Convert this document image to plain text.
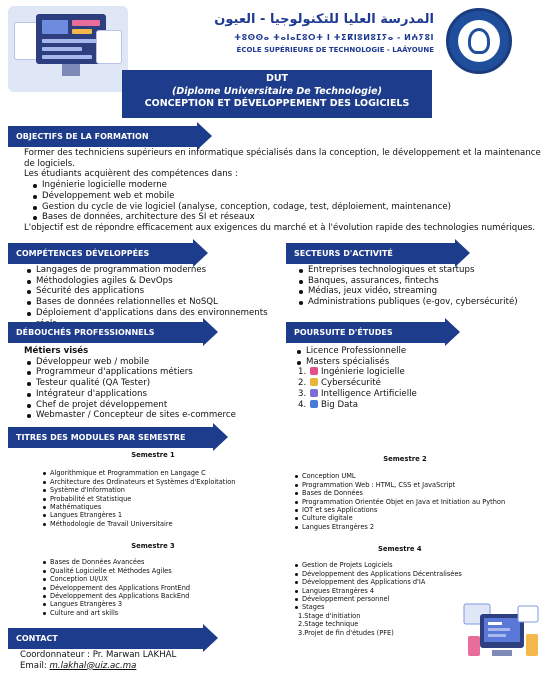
المدرسة العليا للتكنولوجيا - العيون
ⵜⵓⵙⵙⴰ ⵜⴰⵏⴰⵎⵓⵔⵜ ⵏ ⵜⵉⴽⵏⵓⵍⵓⵊⵢⴰ - ⵍⵄⵢⵓⵏ
ÉCOLE SUPÉRIEURE DE TECHNOLOGIE - LAÂYOUNE
DUT
(Diplome Universitaire De Technologie)
CONCEPTION ET DÉVELOPPEMENT DES LOGICIELS
OBJECTIFS DE LA FORMATION
Former des techniciens supérieurs en informatique spécialisés dans la conception, le développement et la maintenance de logiciels.
Les étudiants acquièrent des compétences dans :
Ingénierie logicielle moderne
Développement web et mobile
Gestion du cycle de vie logiciel (analyse, conception, codage, test, déploiement, maintenance)
Bases de données, architecture des SI et réseaux
L'objectif est de répondre efficacement aux exigences du marché et à l'évolution rapide des technologies numériques.
COMPÉTENCES DÉVELOPPÉES	SECTEURS D'ACTIVITÉ
Langages de programmation modernes
Méthodologies agiles & DevOps
Sécurité des applications
Bases de données relationnelles et NoSQL
Déploiement d'applications dans des environnements
Entreprises technologiques et startups
Banques, assurances, fintechs
Médias, jeux vidéo, streaming
Administrations publiques (e-gov, cybersécurité)
DÉBOUCHÉS PROFESSIONNELS	POURSUITE D'ÉTUDES
Métiers visés
Développeur web / mobile
Programmeur d'applications métiers
Testeur qualité (QA Tester)
Intégrateur d'applications
Chef de projet développement
Webmaster / Concepteur de sites e-commerce
Licence Professionnelle
Masters spécialisés
1. Ingénierie logicielle
2. Cybersécurité
3. Intelligence Artificielle
4. Big Data
TITRES DES MODULES PAR SEMESTRE
Semestre 1
Algorithmique et Programmation en Langage C
Architecture des Ordinateurs et Systèmes d'Exploitation
Système d'Information
Probabilité et Statistique
Mathématiques
Langues Etrangères 1
Méthodologie de Travail Universitaire
Semestre 3
Bases de Données Avancées
Qualité Logicielle et Méthodes Agiles
Conception UI/UX
Développement des Applications FrontEnd
Développement des Applications BackEnd
Langues Etrangères 3
Culture and art skills
Semestre 2
Conception UML
Programmation Web : HTML, CSS et JavaScript
Bases de Données
Programmation Orientée Objet en Java et Initiation au Python
IOT et ses Applications
Culture digitale
Langues Etrangères 2
Semestre 4
Gestion de Projets Logiciels
Développement des Applications Décentralisées
Développement des Applications d'IA
Langues Etrangères 4
Développement personnel
Stages
1.Stage d'initiation
2.Stage technique
3.Projet de fin d'études (PFE)
CONTACT
Coordonnateur : Pr. Marwan LAKHAL
Email: m.lakhal@uiz.ac.ma
